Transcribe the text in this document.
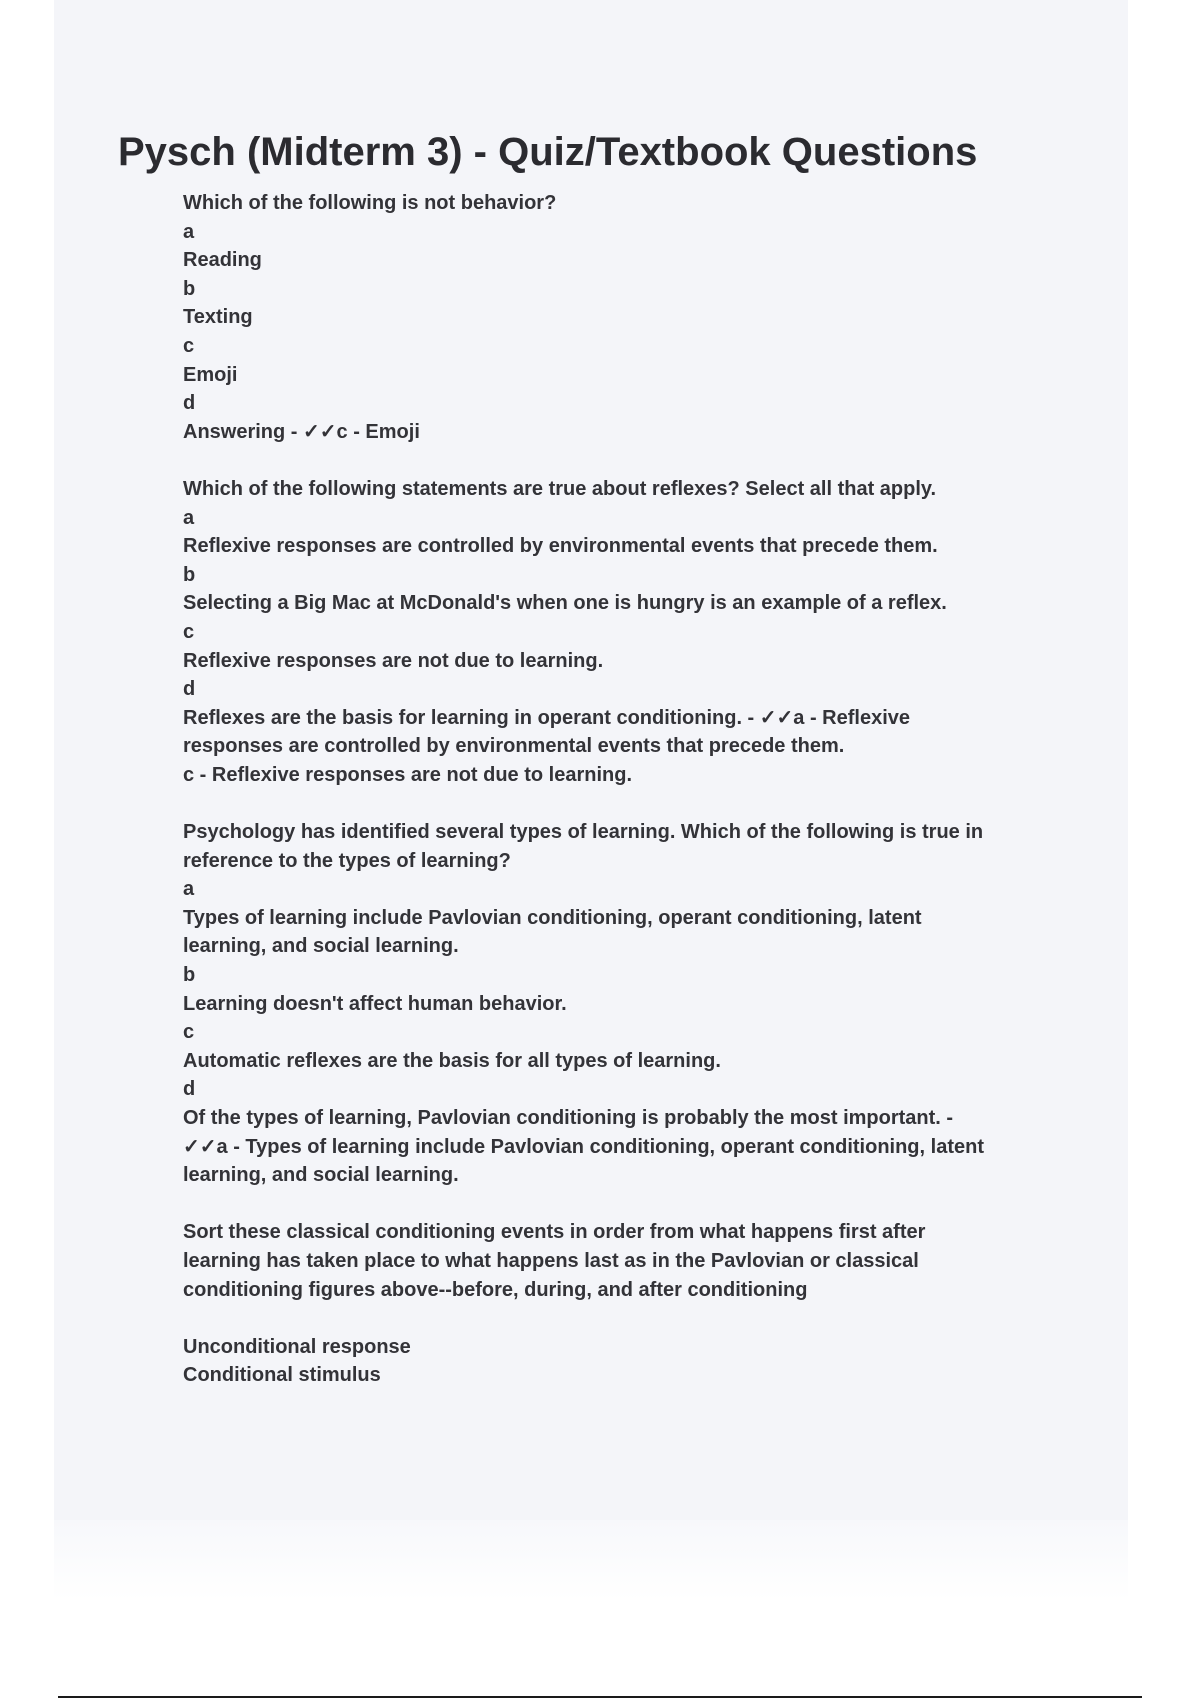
Pysch (Midterm 3) - Quiz/Textbook Questions
Which of the following is not behavior?
a
Reading
b
Texting
c
Emoji
d
Answering - ✓✓c - Emoji
Which of the following statements are true about reflexes? Select all that apply.
a
Reflexive responses are controlled by environmental events that precede them.
b
Selecting a Big Mac at McDonald's when one is hungry is an example of a reflex.
c
Reflexive responses are not due to learning.
d
Reflexes are the basis for learning in operant conditioning. - ✓✓a - Reflexive
responses are controlled by environmental events that precede them.
c - Reflexive responses are not due to learning.
Psychology has identified several types of learning. Which of the following is true in
reference to the types of learning?
a
Types of learning include Pavlovian conditioning, operant conditioning, latent
learning, and social learning.
b
Learning doesn't affect human behavior.
c
Automatic reflexes are the basis for all types of learning.
d
Of the types of learning, Pavlovian conditioning is probably the most important. -
✓✓a - Types of learning include Pavlovian conditioning, operant conditioning, latent
learning, and social learning.
Sort these classical conditioning events in order from what happens first after
learning has taken place to what happens last as in the Pavlovian or classical
conditioning figures above--before, during, and after conditioning
Unconditional response
Conditional stimulus
